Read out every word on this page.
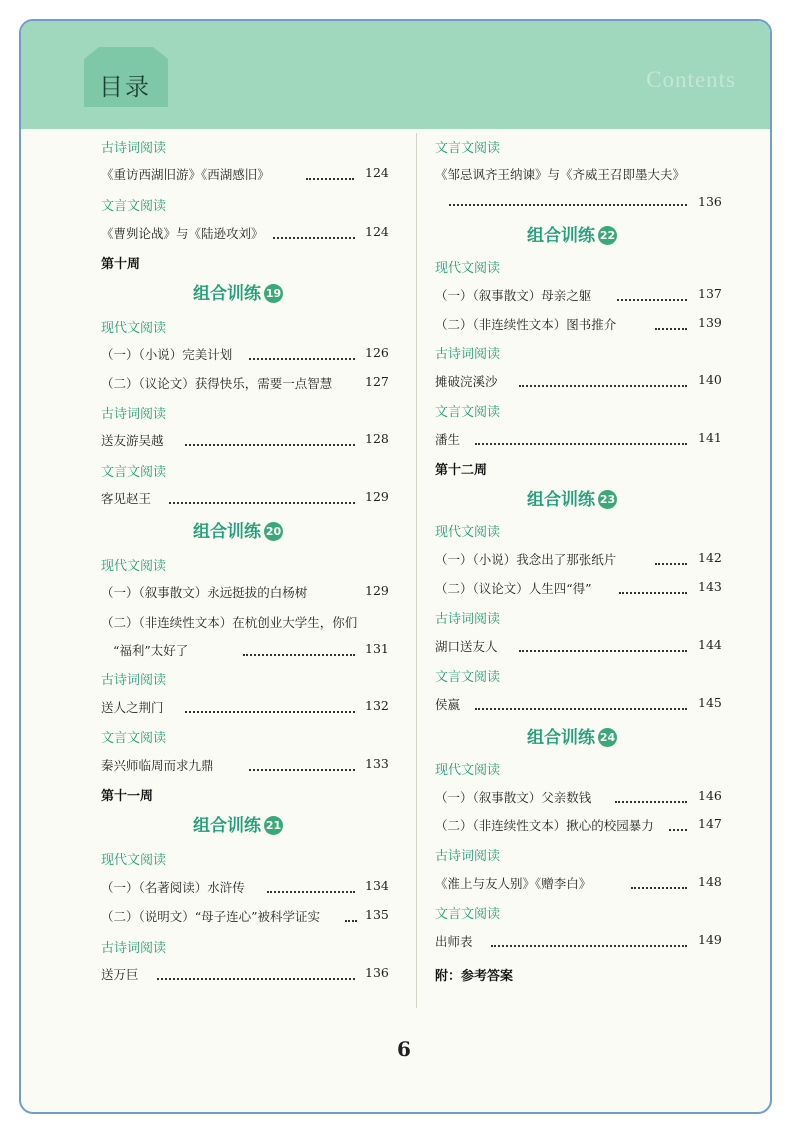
目录	Contents
古诗词阅读
《重访西湖旧游》《西湖感旧》	124
文言文阅读
《曹刿论战》与《陆逊攻刘》	124
第十周
组合训练 19
现代文阅读
（一）（小说）完美计划	126
（二）（议论文）获得快乐，需要一点智慧	127
古诗词阅读
送友游吴越	128
文言文阅读
客见赵王	129
组合训练 20
现代文阅读
（一）（叙事散文）永远挺拔的白杨树	129
（二）（非连续性文本）在杭创业大学生，你们
“福利”太好了	131
古诗词阅读
送人之荆门	132
文言文阅读
秦兴师临周而求九鼎	133
第十一周
组合训练 21
现代文阅读
（一）（名著阅读）水浒传	134
（二）（说明文）“母子连心”被科学证实	135
古诗词阅读
送万巨	136
文言文阅读
《邹忌讽齐王纳谏》与《齐威王召即墨大夫》
136
组合训练 22
现代文阅读
（一）（叙事散文）母亲之躯	137
（二）（非连续性文本）图书推介	139
古诗词阅读
摊破浣溪沙	140
文言文阅读
潘生	141
第十二周
组合训练 23
现代文阅读
（一）（小说）我念出了那张纸片	142
（二）（议论文）人生四“得”	143
古诗词阅读
湖口送友人	144
文言文阅读
侯嬴	145
组合训练 24
现代文阅读
（一）（叙事散文）父亲数钱	146
（二）（非连续性文本）揪心的校园暴力	147
古诗词阅读
《淮上与友人别》《赠李白》	148
文言文阅读
出师表	149
附：参考答案
6
